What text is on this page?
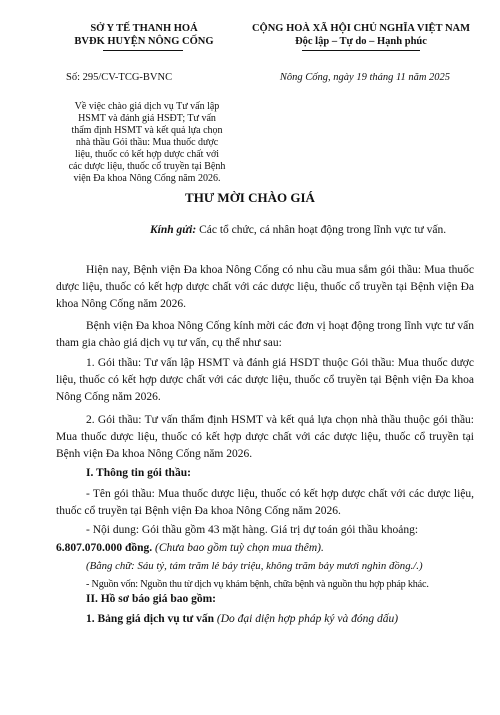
SỞ Y TẾ THANH HOÁ
BVĐK HUYỆN NÔNG CỐNG
CỘNG HOÀ XÃ HỘI CHỦ NGHĨA VIỆT NAM
Độc lập – Tự do – Hạnh phúc
Số: 295/CV-TCG-BVNC	Nông Cống, ngày 19 tháng 11 năm 2025
Về việc chào giá dịch vụ Tư vấn lập
HSMT và đánh giá HSĐT; Tư vấn
thẩm định HSMT và kết quả lựa chọn
nhà thầu Gói thầu: Mua thuốc dược
liệu, thuốc có kết hợp dược chất với
các dược liệu, thuốc cổ truyền tại Bệnh
viện Đa khoa Nông Cống năm 2026.
THƯ MỜI CHÀO GIÁ
Kính gửi: Các tổ chức, cá nhân hoạt động trong lĩnh vực tư vấn.
Hiện nay, Bệnh viện Đa khoa Nông Cống có nhu cầu mua sắm gói thầu: Mua thuốc dược liệu, thuốc có kết hợp dược chất với các dược liệu, thuốc cổ truyền tại Bệnh viện Đa khoa Nông Cống năm 2026.
Bệnh viện Đa khoa Nông Cống kính mời các đơn vị hoạt động trong lĩnh vực tư vấn tham gia chào giá dịch vụ tư vấn, cụ thể như sau:
1. Gói thầu: Tư vấn lập HSMT và đánh giá HSDT thuộc Gói thầu: Mua thuốc dược liệu, thuốc có kết hợp dược chất với các dược liệu, thuốc cổ truyền tại Bệnh viện Đa khoa Nông Cống năm 2026.
2. Gói thầu: Tư vấn thẩm định HSMT và kết quả lựa chọn nhà thầu thuộc gói thầu: Mua thuốc dược liệu, thuốc có kết hợp dược chất với các dược liệu, thuốc cổ truyền tại Bệnh viện Đa khoa Nông Cống năm 2026.
I. Thông tin gói thầu:
- Tên gói thầu: Mua thuốc dược liệu, thuốc có kết hợp dược chất với các dược liệu, thuốc cổ truyền tại Bệnh viện Đa khoa Nông Cống năm 2026.
- Nội dung: Gói thầu gồm 43 mặt hàng. Giá trị dự toán gói thầu khoảng:
6.807.070.000 đồng. (Chưa bao gồm tuỳ chọn mua thêm).
(Bằng chữ: Sáu tỷ, tám trăm lẻ bảy triệu, không trăm bảy mươi nghìn đồng./.)
- Nguồn vốn: Nguồn thu từ dịch vụ khám bệnh, chữa bệnh và nguồn thu hợp pháp khác.
II. Hồ sơ báo giá bao gồm:
1. Bảng giá dịch vụ tư vấn (Do đại diện hợp pháp ký và đóng dấu)
